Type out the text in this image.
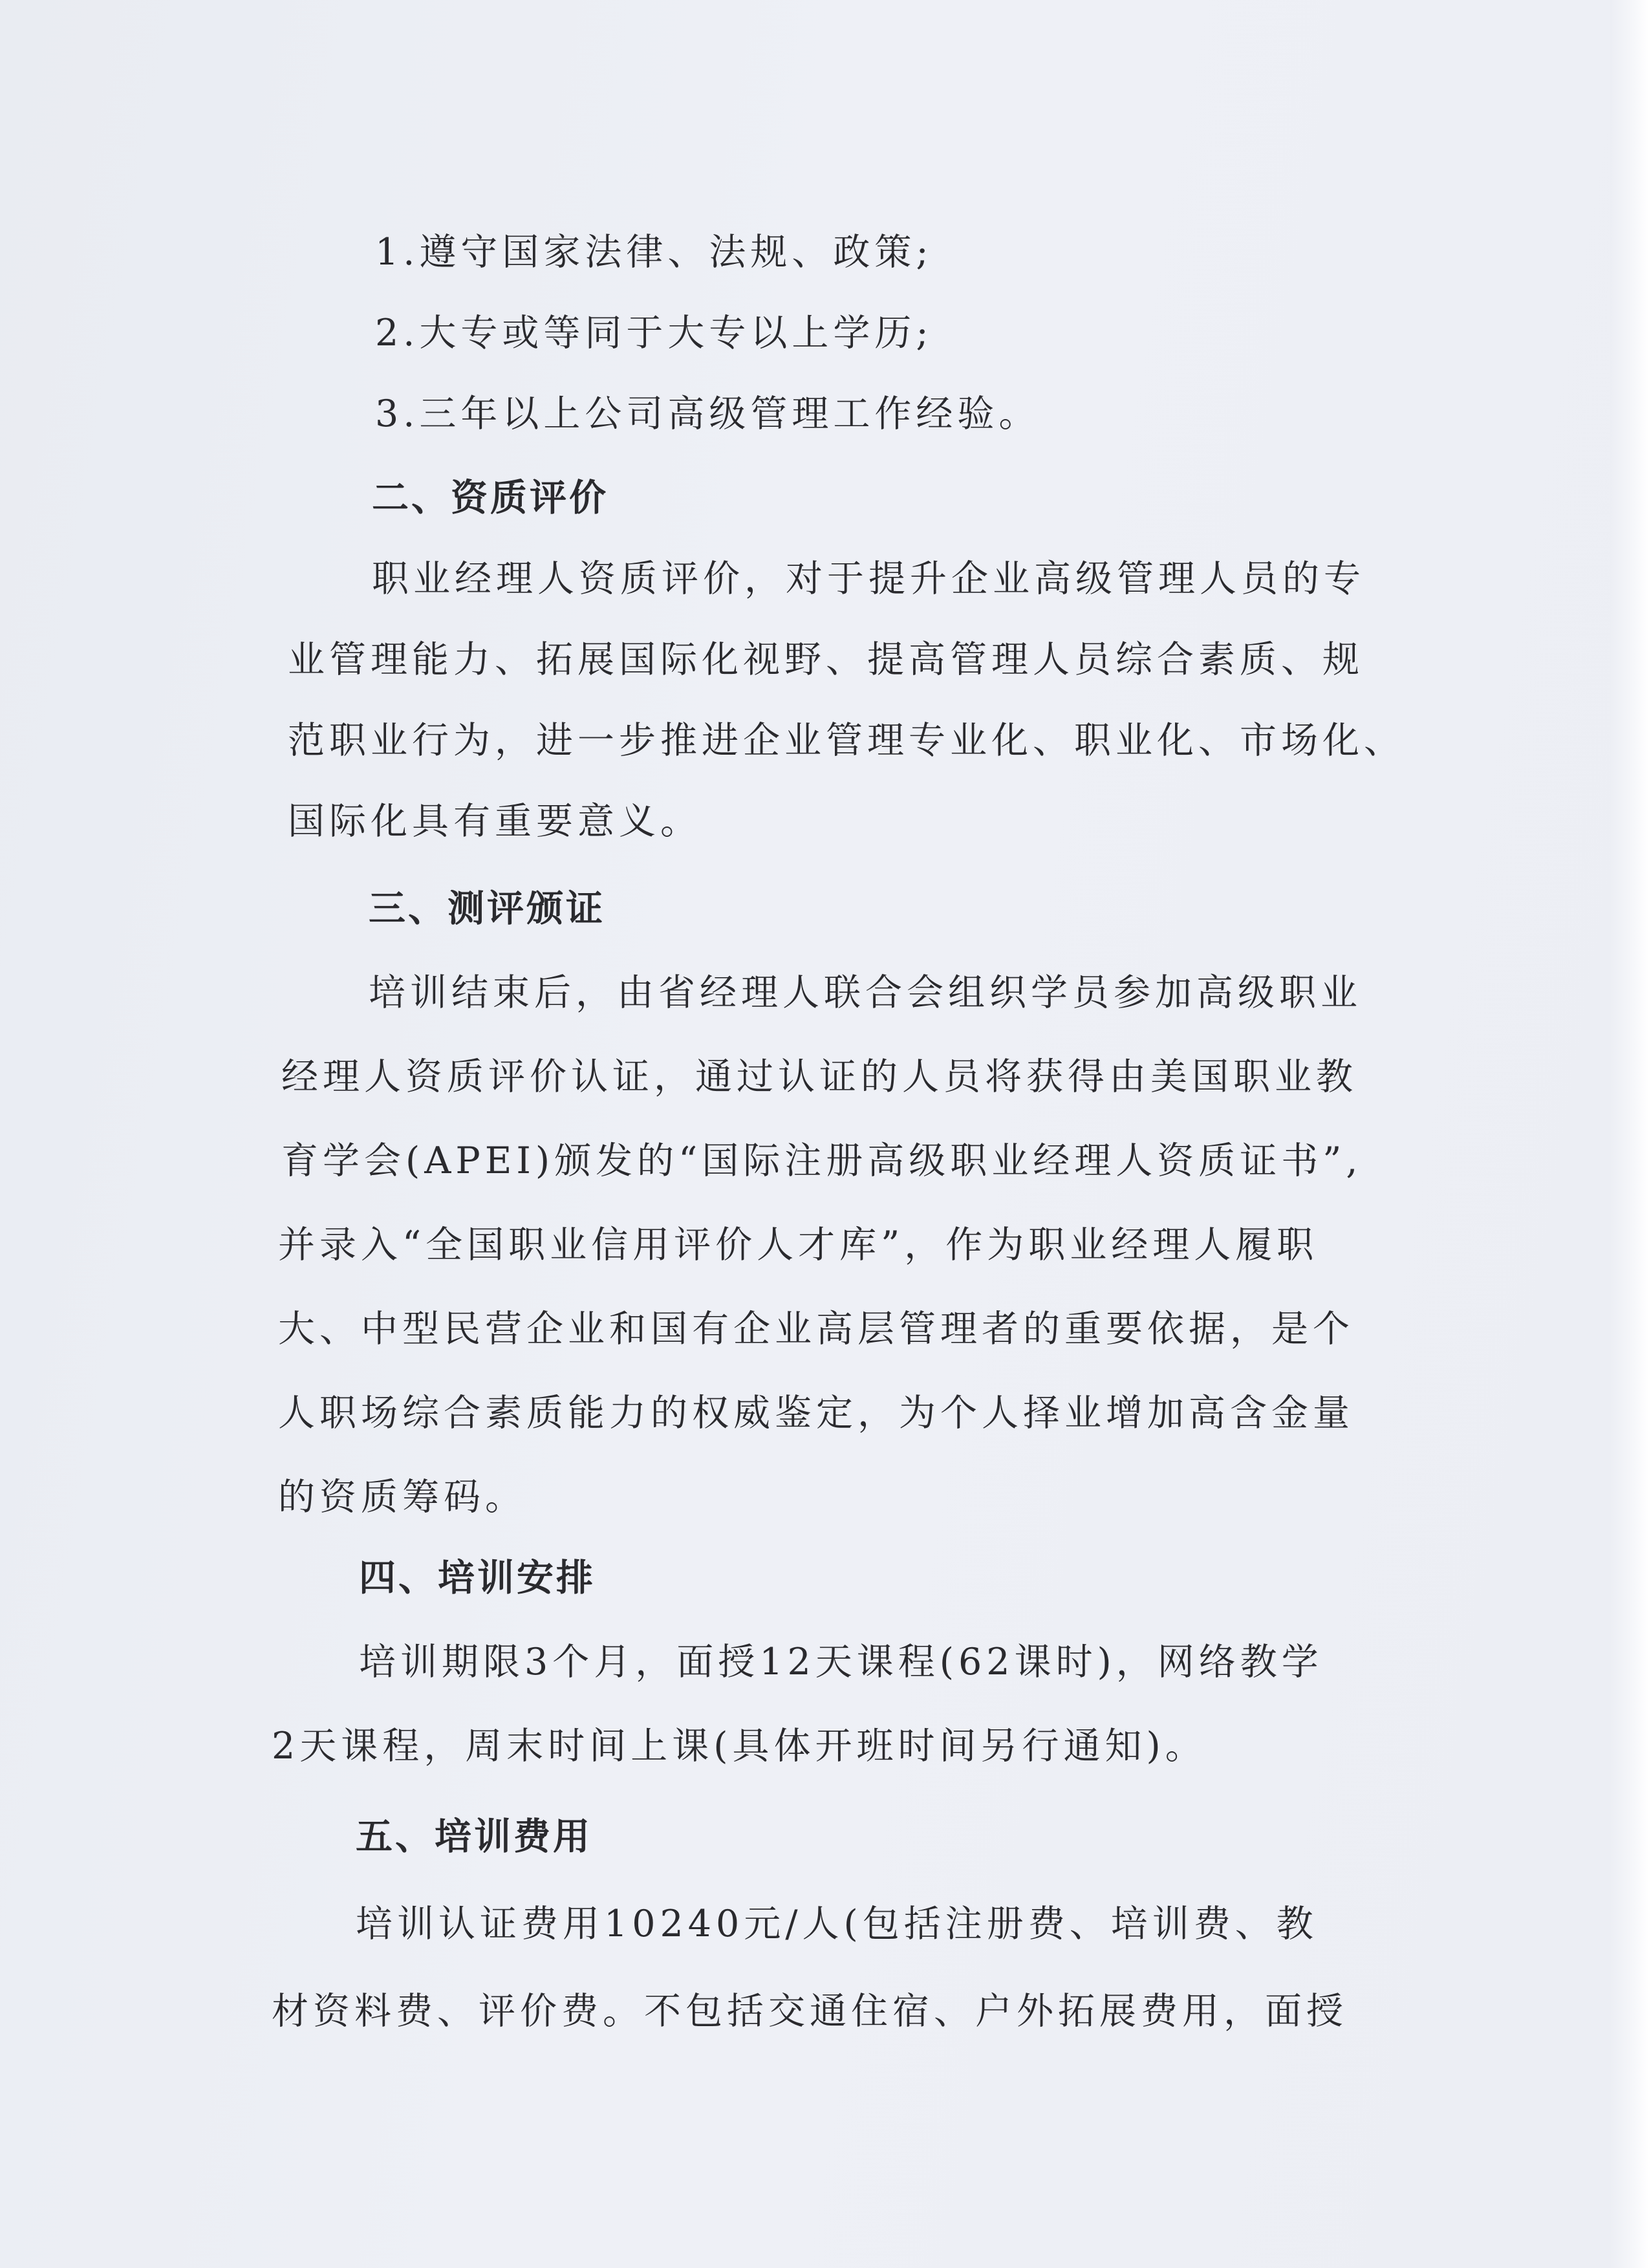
1.遵守国家法律、法规、政策;
2.大专或等同于大专以上学历;
3.三年以上公司高级管理工作经验。
二、资质评价
职业经理人资质评价，对于提升企业高级管理人员的专
业管理能力、拓展国际化视野、提高管理人员综合素质、规
范职业行为，进一步推进企业管理专业化、职业化、市场化、
国际化具有重要意义。
三、测评颁证
培训结束后，由省经理人联合会组织学员参加高级职业
经理人资质评价认证，通过认证的人员将获得由美国职业教
育学会(APEI)颁发的“国际注册高级职业经理人资质证书”,
并录入“全国职业信用评价人才库”，作为职业经理人履职
大、中型民营企业和国有企业高层管理者的重要依据，是个
人职场综合素质能力的权威鉴定，为个人择业增加高含金量
的资质筹码。
四、培训安排
培训期限3个月，面授12天课程(62课时)，网络教学
2天课程，周末时间上课(具体开班时间另行通知)。
五、培训费用
培训认证费用10240元/人(包括注册费、培训费、教
材资料费、评价费。不包括交通住宿、户外拓展费用，面授
